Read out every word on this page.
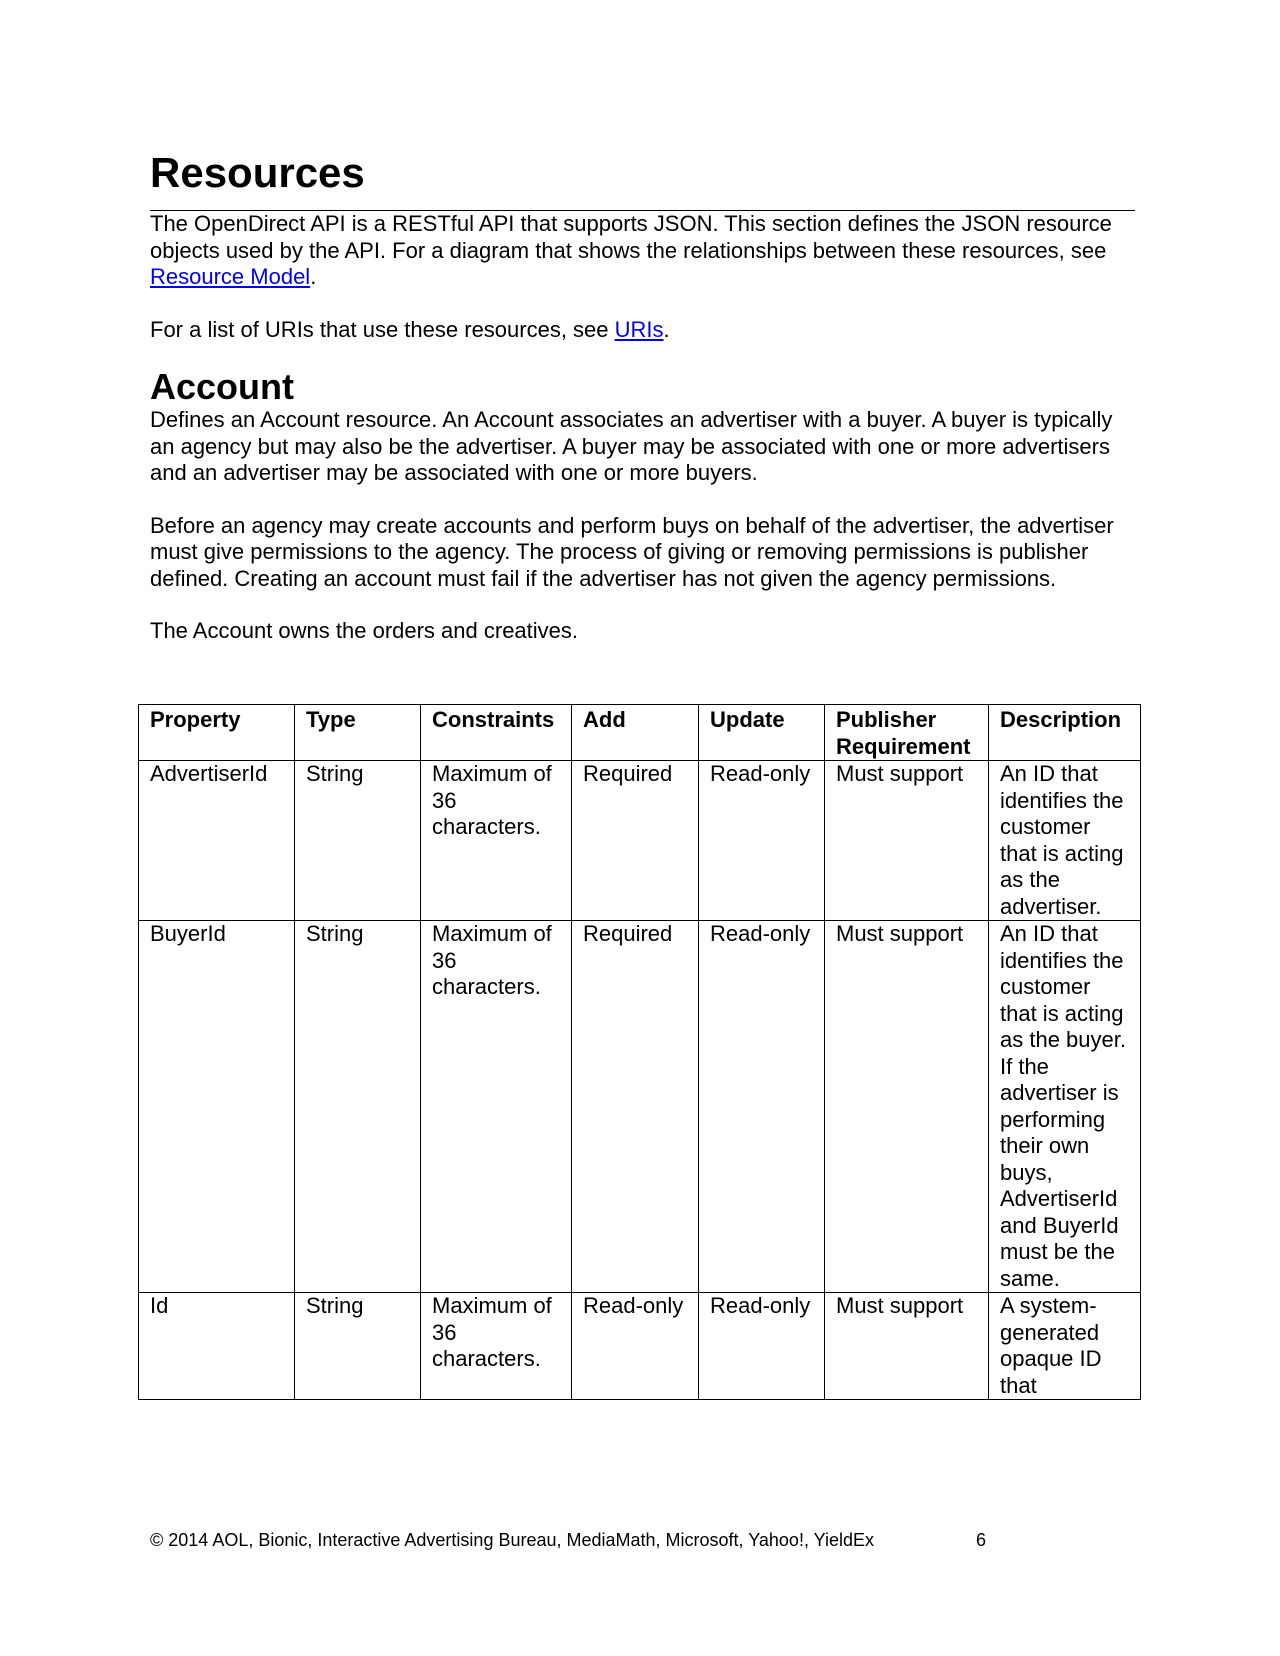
Resources

The OpenDirect API is a RESTful API that supports JSON. This section defines the JSON resource objects used by the API. For a diagram that shows the relationships between these resources, see Resource Model.

For a list of URIs that use these resources, see URIs.

Account

Defines an Account resource. An Account associates an advertiser with a buyer. A buyer is typically an agency but may also be the advertiser. A buyer may be associated with one or more advertisers and an advertiser may be associated with one or more buyers.

Before an agency may create accounts and perform buys on behalf of the advertiser, the advertiser must give permissions to the agency. The process of giving or removing permissions is publisher defined. Creating an account must fail if the advertiser has not given the agency permissions.

The Account owns the orders and creatives.

Property	Type	Constraints	Add	Update	Publisher Requirement	Description
AdvertiserId	String	Maximum of 36 characters.	Required	Read-only	Must support	An ID that identifies the customer that is acting as the advertiser.
BuyerId	String	Maximum of 36 characters.	Required	Read-only	Must support	An ID that identifies the customer that is acting as the buyer. If the advertiser is performing their own buys, AdvertiserId and BuyerId must be the same.
Id	String	Maximum of 36 characters.	Read-only	Read-only	Must support	A system-generated opaque ID that
© 2014 AOL, Bionic, Interactive Advertising Bureau, MediaMath, Microsoft, Yahoo!, YieldEx	6
